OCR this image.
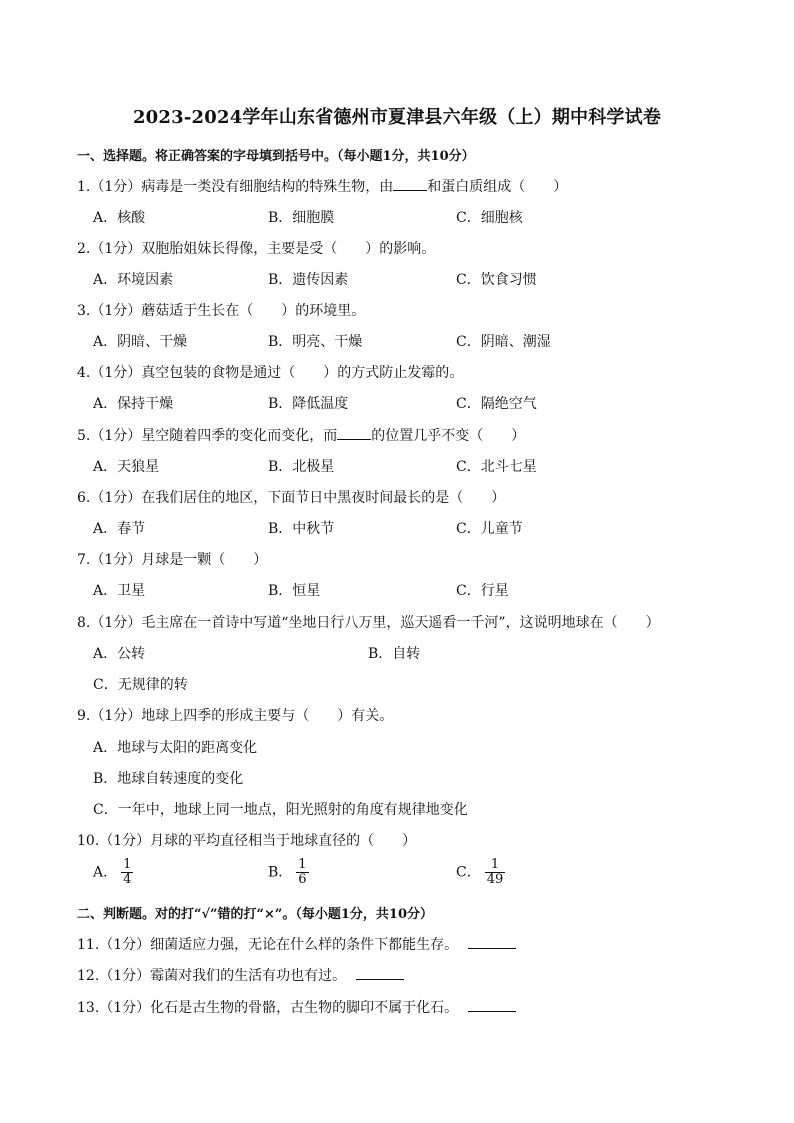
2023-2024学年山东省德州市夏津县六年级（上）期中科学试卷
一、选择题。将正确答案的字母填到括号中。（每小题1分，共10分）
1.（1分）病毒是一类没有细胞结构的特殊生物，由 和蛋白质组成（　　）
A．核酸	B．细胞膜	C．细胞核
2.（1分）双胞胎姐妹长得像，主要是受（　　）的影响。
A．环境因素	B．遗传因素	C．饮食习惯
3.（1分）蘑菇适于生长在（　　）的环境里。
A．阴暗、干燥	B．明亮、干燥	C．阴暗、潮湿
4.（1分）真空包装的食物是通过（　　）的方式防止发霉的。
A．保持干燥	B．降低温度	C．隔绝空气
5.（1分）星空随着四季的变化而变化，而 的位置几乎不变（　　）
A．天狼星	B．北极星	C．北斗七星
6.（1分）在我们居住的地区，下面节日中黑夜时间最长的是（　　）
A．春节	B．中秋节	C．儿童节
7.（1分）月球是一颗（　　）
A．卫星	B．恒星	C．行星
8.（1分）毛主席在一首诗中写道“坐地日行八万里，巡天遥看一千河”，这说明地球在（　　）
A．公转	B．自转
C．无规律的转
9.（1分）地球上四季的形成主要与（　　）有关。
A．地球与太阳的距离变化
B．地球自转速度的变化
C．一年中，地球上同一地点，阳光照射的角度有规律地变化
10.（1分）月球的平均直径相当于地球直径的（　　）
A． $\frac{1}{4}$	B． $\frac{1}{6}$	C． $\frac{1}{49}$
二、判断题。对的打“√”错的打“×”。（每小题1分，共10分）
11.（1分）细菌适应力强，无论在什么样的条件下都能生存。
12.（1分）霉菌对我们的生活有功也有过。
13.（1分）化石是古生物的骨骼，古生物的脚印不属于化石。
